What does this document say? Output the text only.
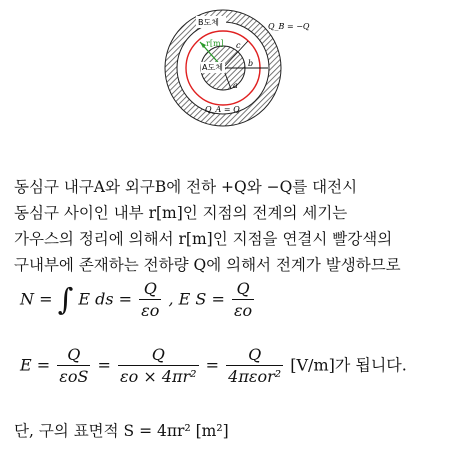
B도체	Q_B = −Q
r[m]
A도체
Q_A = Q
a
b
c
동심구 내구A와 외구B에 전하 +Q와 −Q를 대전시
동심구 사이인 내부 r[m]인 지점의 전계의 세기는
가우스의 정리에 의해서 r[m]인 지점을 연결시 빨강색의
구내부에 존재하는 전하량 Q에 의해서 전계가 발생하므로
N = ∫ E ds = $\frac{Q}{\varepsilon o}$ , E $S = \frac{Q}{\varepsilon o}$
$E = \frac{Q}{\text{εoS}} = \frac{Q}{\text{εo × 4πr²}} = \frac{Q}{\text{4πεor²}} [V/m]$가 됩니다.
단, 구의 표면적 S = 4πr² [m²]
